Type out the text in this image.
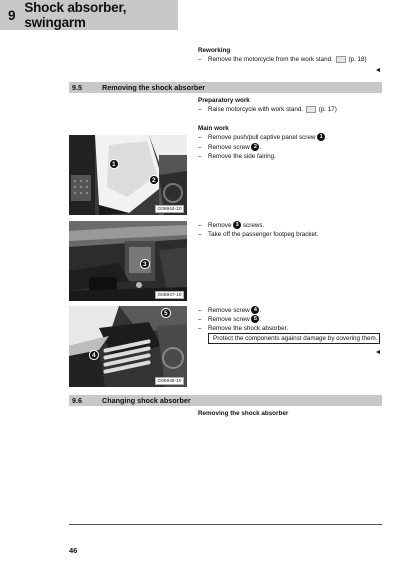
9 Shock absorber, swingarm
Reworking
– Remove the motorcycle from the work stand. (p. 18)
9.5	Removing the shock absorber
Preparatory work
– Raise motorcycle with work stand. (p. 17)
Main work
– Remove push/pull captive panel screw 1 .
– Remove screw 2 .
– Remove the side fairing.
1
2
G06944-10
– Remove 3 screws.
– Take off the passenger footpeg bracket.
3
G06947-10
– Remove screw 4 .
– Remove screw 5 .
– Remove the shock absorber.
Protect the components against damage by covering them.
5
4
G06948-10
9.6	Changing shock absorber
Removing the shock absorber
46
